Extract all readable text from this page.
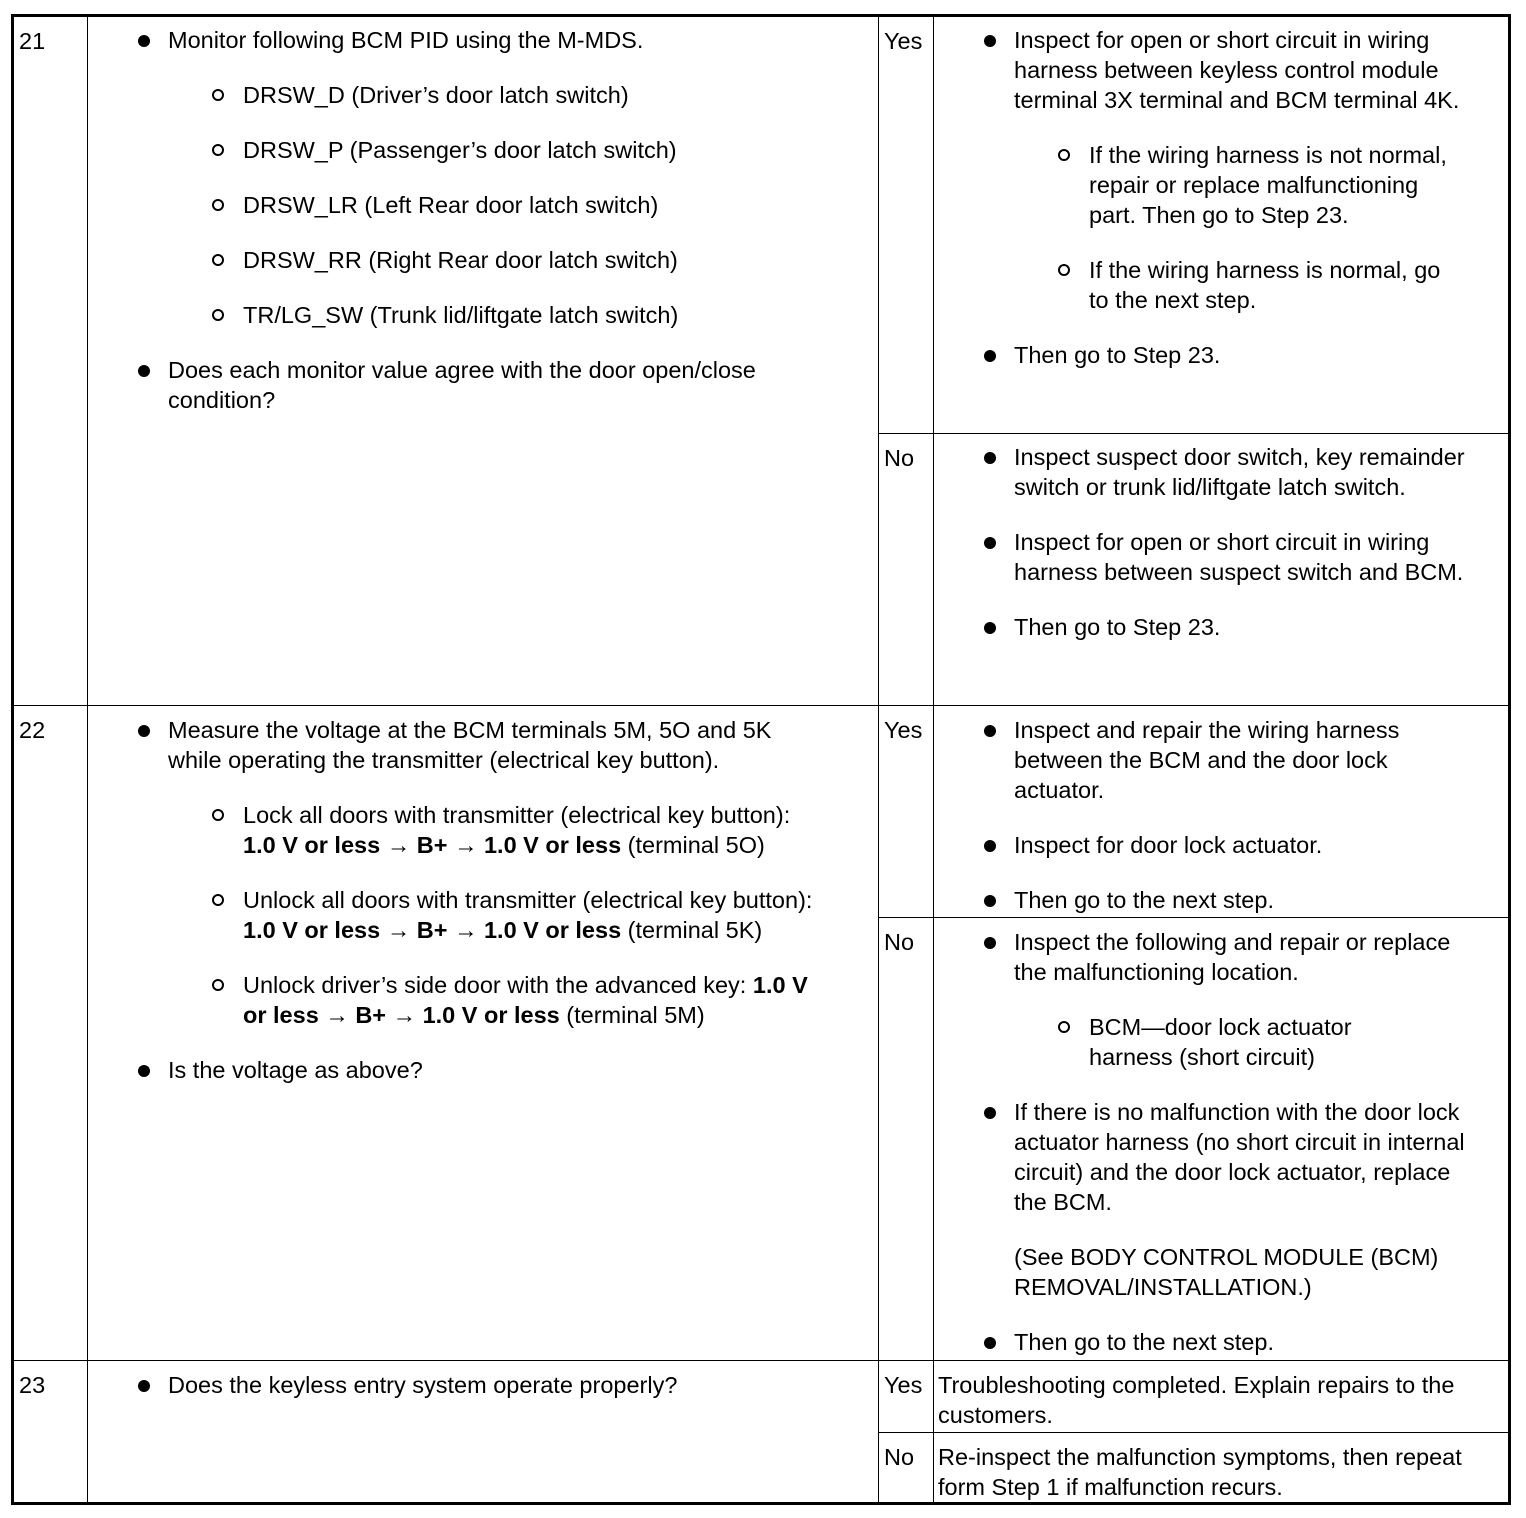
21	Monitor following BCM PID using the M-MDS.
DRSW_D (Driver’s door latch switch)
DRSW_P (Passenger’s door latch switch)
DRSW_LR (Left Rear door latch switch)
DRSW_RR (Right Rear door latch switch)
TR/LG_SW (Trunk lid/liftgate latch switch)
Does each monitor value agree with the door open/close condition?
Yes	Inspect for open or short circuit in wiring harness between keyless control module terminal 3X terminal and BCM terminal 4K.
If the wiring harness is not normal, repair or replace malfunctioning part. Then go to Step 23.
If the wiring harness is normal, go to the next step.
Then go to Step 23.
No	Inspect suspect door switch, key remainder switch or trunk lid/liftgate latch switch.
Inspect for open or short circuit in wiring harness between suspect switch and BCM.
Then go to Step 23.
22	Measure the voltage at the BCM terminals 5M, 5O and 5K while operating the transmitter (electrical key button).
Lock all doors with transmitter (electrical key button): 1.0 V or less → B+ → 1.0 V or less (terminal 5O)
Unlock all doors with transmitter (electrical key button): 1.0 V or less → B+ → 1.0 V or less (terminal 5K)
Unlock driver’s side door with the advanced key: 1.0 V or less → B+ → 1.0 V or less (terminal 5M)
Is the voltage as above?
Yes	Inspect and repair the wiring harness between the BCM and the door lock actuator.
Inspect for door lock actuator.
Then go to the next step.
No	Inspect the following and repair or replace the malfunctioning location.
BCM—door lock actuator harness (short circuit)
If there is no malfunction with the door lock actuator harness (no short circuit in internal circuit) and the door lock actuator, replace the BCM.

(See BODY CONTROL MODULE (BCM) REMOVAL/INSTALLATION.)

Then go to the next step.
23	Does the keyless entry system operate properly?	Yes Troubleshooting completed. Explain repairs to the customers.
No Re-inspect the malfunction symptoms, then repeat form Step 1 if malfunction recurs.
